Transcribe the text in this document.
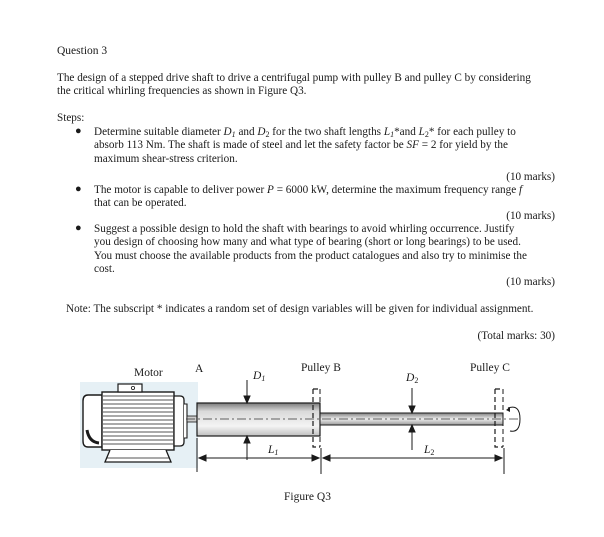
Question 3
The design of a stepped drive shaft to drive a centrifugal pump with pulley B and pulley C by considering
the critical whirling frequencies as shown in Figure Q3.
Steps:
● Determine suitable diameter $D_1$ and $D_2$ for the two shaft lengths $L_1*and$ $L_2*$ for each pulley to
absorb 113 Nm. The shaft is made of steel and let the safety factor be SF = 2 for yield by the
maximum shear-stress criterion.
(10 marks)
● The motor is capable to deliver power P = 6000 kW, determine the maximum frequency range f
that can be operated.
(10 marks)
● Suggest a possible design to hold the shaft with bearings to avoid whirling occurrence. Justify
you design of choosing how many and what type of bearing (short or long bearings) to be used.
You must choose the available products from the product catalogues and also try to minimise the
cost.
(10 marks)
Note: The subscript * indicates a random set of design variables will be given for individual assignment.
(Total marks: 30)
Motor	A	Pulley B	Pulley C
$D_1$	$D_2$
$L_1$	$L_2$
Figure Q3
